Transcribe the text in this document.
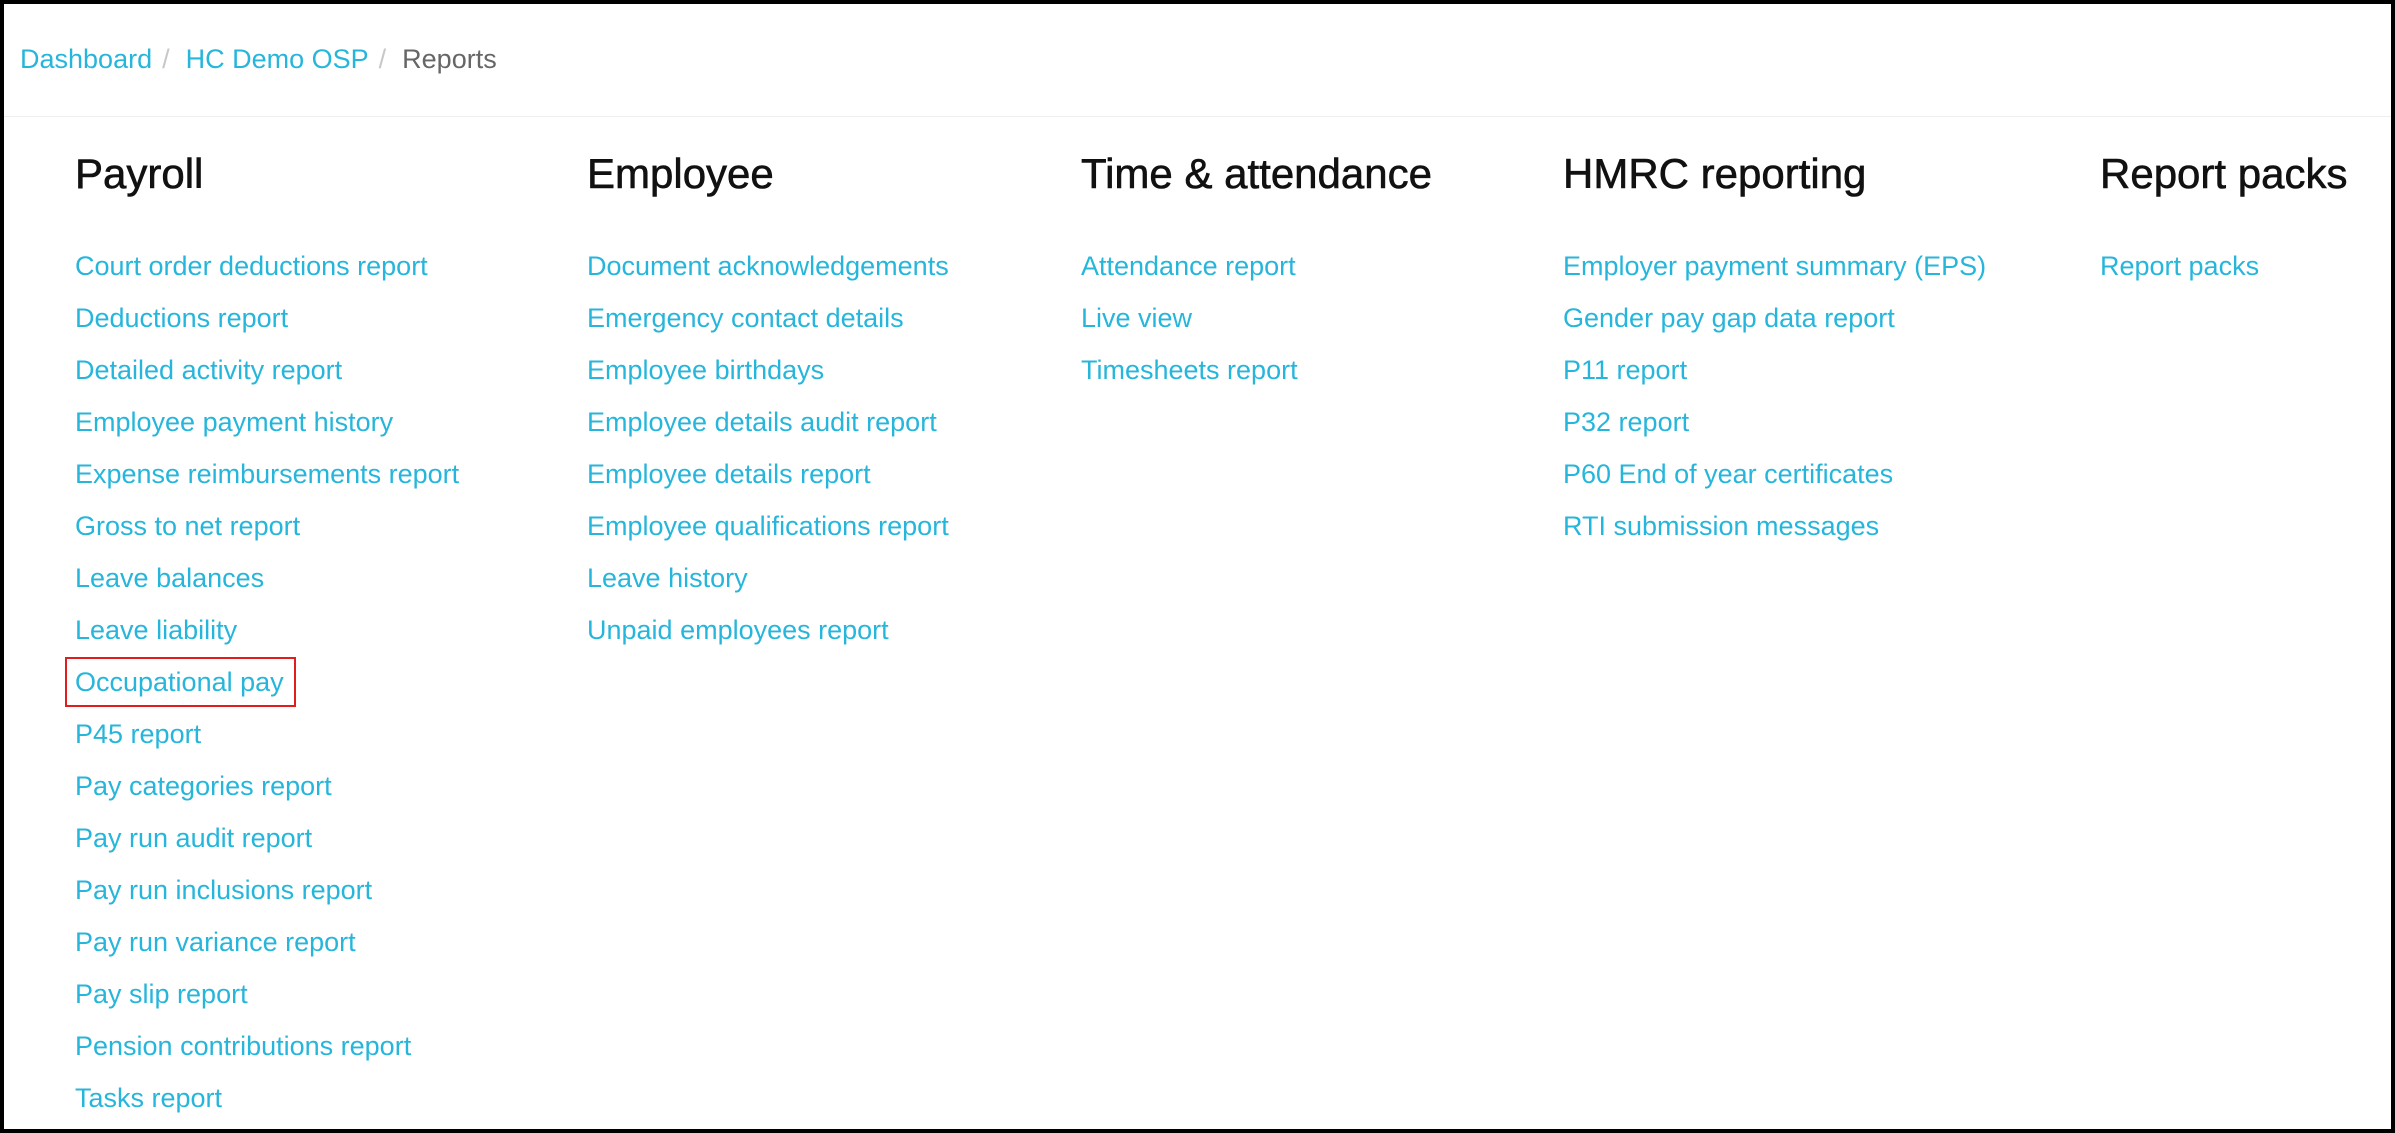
Dashboard / HC Demo OSP / Reports
Payroll
Court order deductions report
Deductions report
Detailed activity report
Employee payment history
Expense reimbursements report
Gross to net report
Leave balances
Leave liability
Occupational pay
P45 report
Pay categories report
Pay run audit report
Pay run inclusions report
Pay run variance report
Pay slip report
Pension contributions report
Tasks report
Employee
Document acknowledgements
Emergency contact details
Employee birthdays
Employee details audit report
Employee details report
Employee qualifications report
Leave history
Unpaid employees report
Time & attendance
Attendance report
Live view
Timesheets report
HMRC reporting
Employer payment summary (EPS)
Gender pay gap data report
P11 report
P32 report
P60 End of year certificates
RTI submission messages
Report packs
Report packs
